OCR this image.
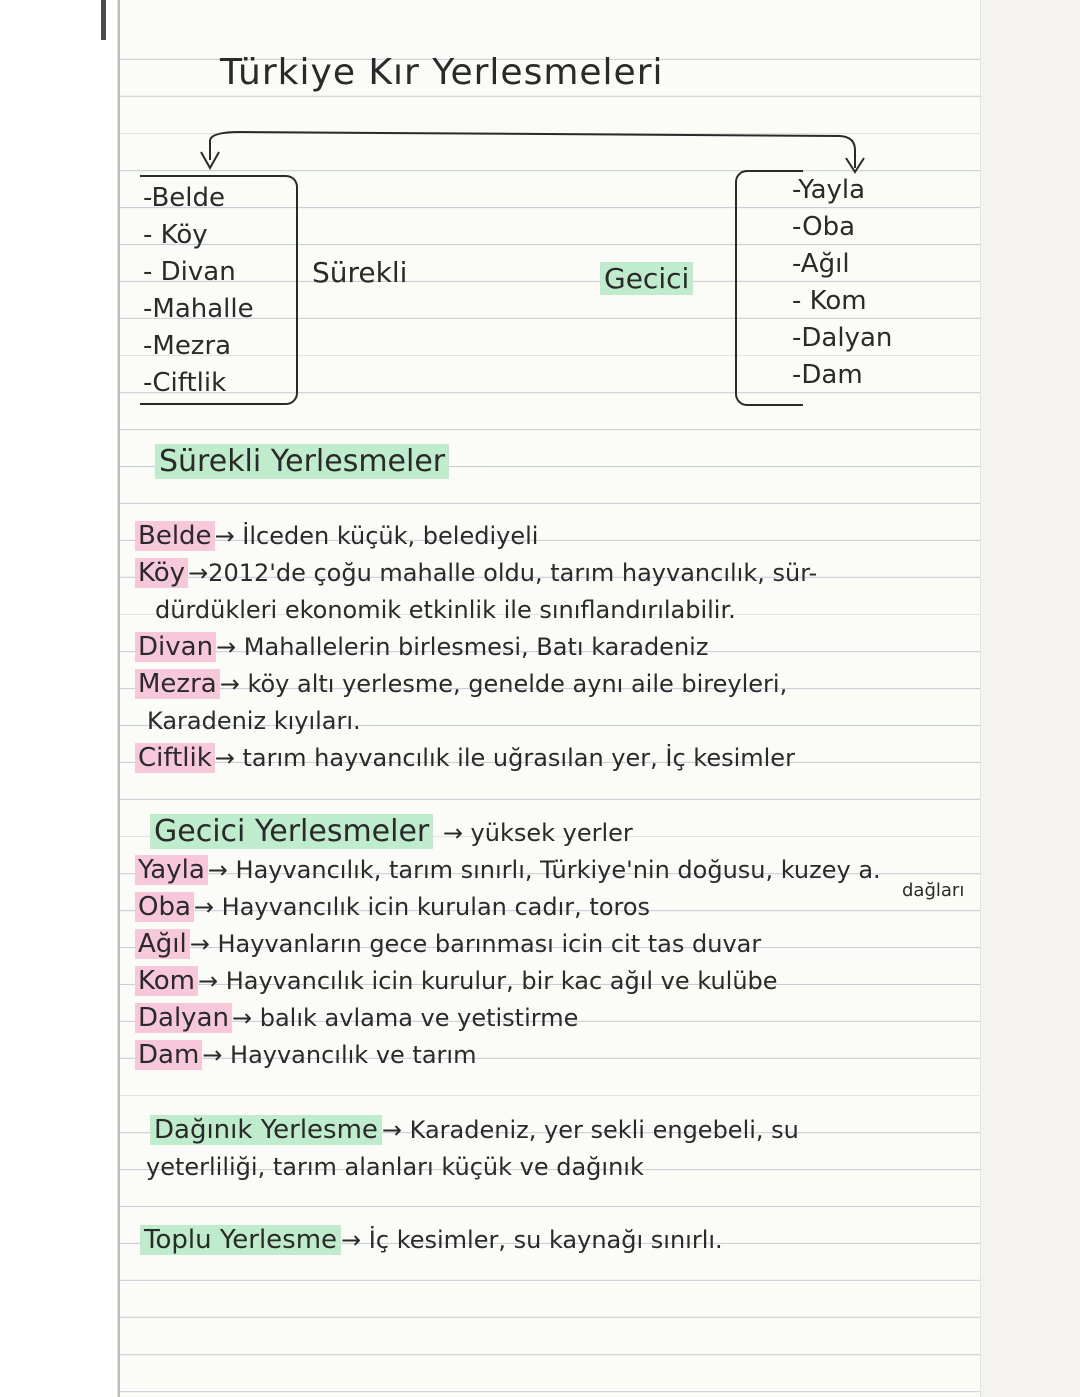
Türkiye Kır Yerlesmeleri
-Belde
- Köy
- Divan
-Mahalle
-Mezra
-Ciftlik
Sürekli	Gecici
-Yayla
-Oba
-Ağıl
- Kom
-Dalyan
-Dam
Sürekli Yerlesmeler
Belde → İlceden küçük, belediyeli
Köy →2012'de çoğu mahalle oldu, tarım hayvancılık, sür-
dürdükleri ekonomik etkinlik ile sınıflandırılabilir.
Divan → Mahallelerin birlesmesi, Batı karadeniz
Mezra → köy altı yerlesme, genelde aynı aile bireyleri,
Karadeniz kıyıları.
Ciftlik → tarım hayvancılık ile uğrasılan yer, İç kesimler
Gecici Yerlesmeler → yüksek yerler
dağları
Yayla → Hayvancılık, tarım sınırlı, Türkiye'nin doğusu, kuzey a.
Oba → Hayvancılık icin kurulan cadır, toros
Ağıl → Hayvanların gece barınması icin cit tas duvar
Kom → Hayvancılık icin kurulur, bir kac ağıl ve kulübe
Dalyan → balık avlama ve yetistirme
Dam → Hayvancılık ve tarım
Dağınık Yerlesme → Karadeniz, yer sekli engebeli, su
yeterliliği, tarım alanları küçük ve dağınık
Toplu Yerlesme → İç kesimler, su kaynağı sınırlı.
